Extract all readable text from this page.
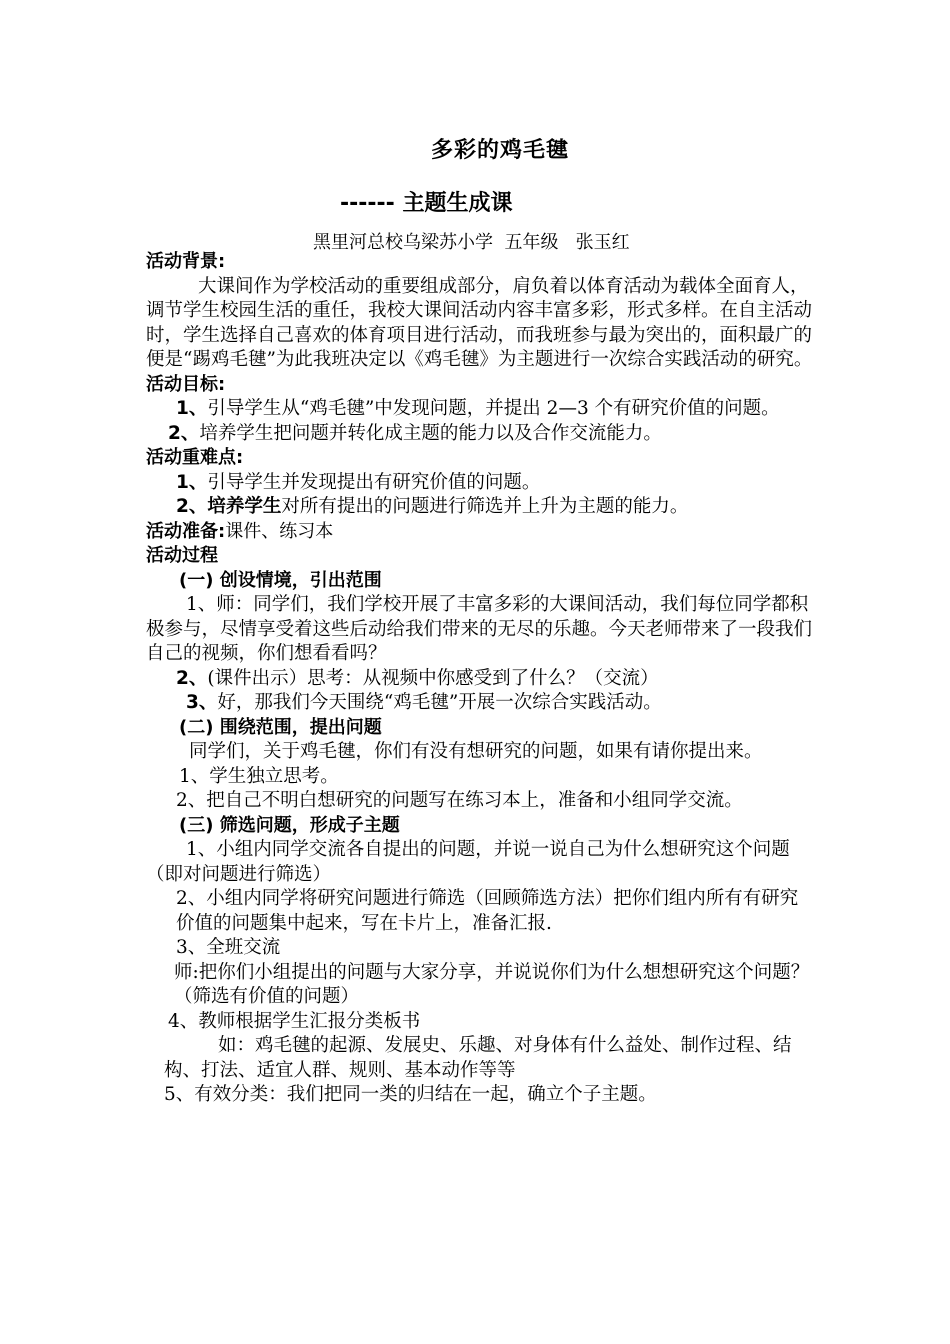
多彩的鸡毛毽
------ 主题生成课
黑里河总校乌梁苏小学  五年级   张玉红

活动背景:

大课间作为学校活动的重要组成部分，肩负着以体育活动为载体全面育人，调节学生校园生活的重任，我校大课间活动内容丰富多彩，形式多样。在自主活动时，学生选择自己喜欢的体育项目进行活动，而我班参与最为突出的，面积最广的便是“踢鸡毛毽”为此我班决定以《鸡毛毽》为主题进行一次综合实践活动的研究。

活动目标:

1、引导学生从“鸡毛毽”中发现问题，并提出 2—3 个有研究价值的问题。

2、培养学生把问题并转化成主题的能力以及合作交流能力。

活动重难点:

1、引导学生并发现提出有研究价值的问题。

2、培养学生对所有提出的问题进行筛选并上升为主题的能力。

活动准备:课件、练习本

活动过程

(一) 创设情境，引出范围

1、师：同学们，我们学校开展了丰富多彩的大课间活动，我们每位同学都积极参与，尽情享受着这些后动给我们带来的无尽的乐趣。今天老师带来了一段我们自己的视频，你们想看看吗？

2、(课件出示）思考：从视频中你感受到了什么？（交流）

3、好，那我们今天围绕“鸡毛毽”开展一次综合实践活动。

(二) 围绕范围，提出问题

同学们，关于鸡毛毽，你们有没有想研究的问题，如果有请你提出来。

1、学生独立思考。

2、把自己不明白想研究的问题写在练习本上，准备和小组同学交流。

(三) 筛选问题，形成子主题

1、小组内同学交流各自提出的问题，并说一说自己为什么想研究这个问题（即对问题进行筛选）

2、小组内同学将研究问题进行筛选（回顾筛选方法）把你们组内所有有研究价值的问题集中起来，写在卡片上，准备汇报.

3、全班交流

师:把你们小组提出的问题与大家分享，并说说你们为什么想想研究这个问题？（筛选有价值的问题）

4、教师根据学生汇报分类板书

如：鸡毛毽的起源、发展史、乐趣、对身体有什么益处、制作过程、结构、打法、适宜人群、规则、基本动作等等

5、有效分类：我们把同一类的归结在一起，确立个子主题。
